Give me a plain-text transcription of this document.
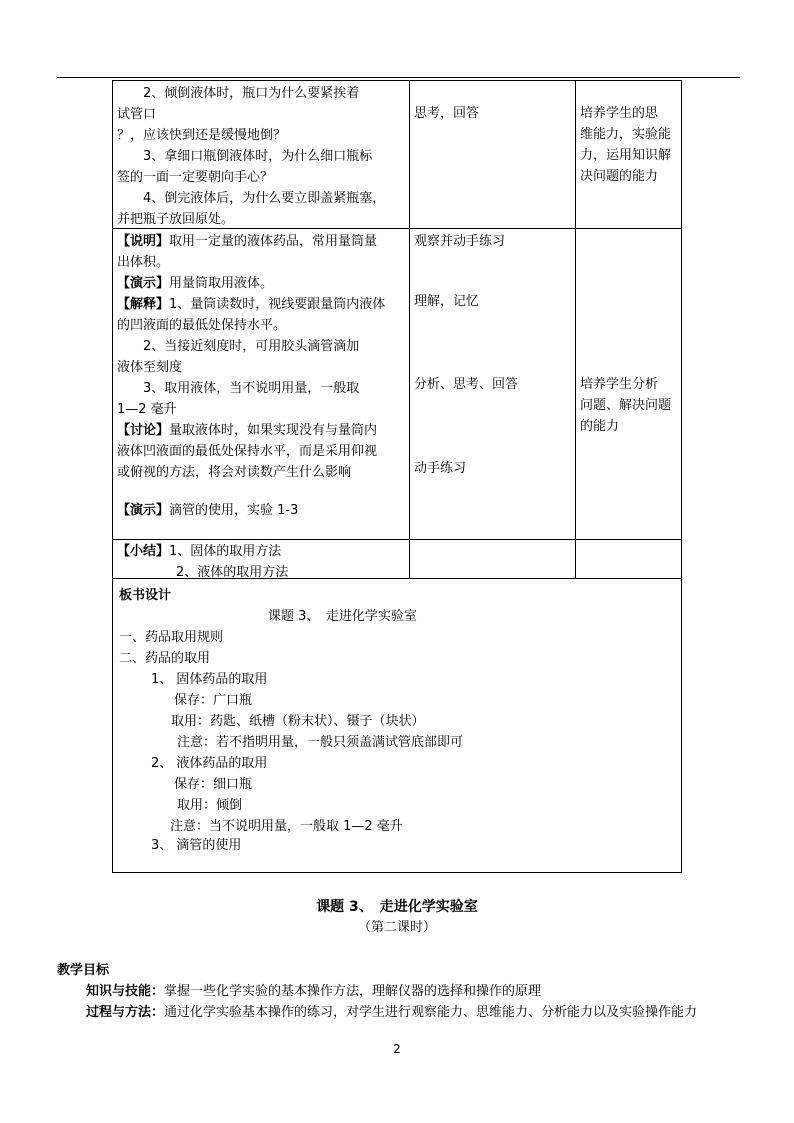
　　2、倾倒液体时，瓶口为什么要紧挨着
试管口
？，应该快到还是缓慢地倒？
　　3、拿细口瓶倒液体时，为什么细口瓶标
签的一面一定要朝向手心？
　　4、倒完液体后，为什么要立即盖紧瓶塞，
并把瓶子放回原处。
思考，回答	培养学生的思
维能力，实验能
力，运用知识解
决问题的能力
【说明】取用一定量的液体药品，常用量筒量
出体积。
【演示】用量筒取用液体。
【解释】1、量筒读数时，视线要跟量筒内液体
的凹液面的最低处保持水平。
　　2、当接近刻度时，可用胶头滴管滴加
液体至刻度
　　3、取用液体，当不说明用量，一般取
1—2 毫升
【讨论】量取液体时，如果实现没有与量筒内
液体凹液面的最低处保持水平，而是采用仰视
或俯视的方法，将会对读数产生什么影响
【演示】滴管的使用，实验 1-3
观察并动手练习
理解，记忆
分析、思考、回答
动手练习
培养学生分析
问题、解决问题
的能力
【小结】1、固体的取用方法
2、液体的取用方法
板书设计
课题 3、　走进化学实验室
一、药品取用规则
二、药品的取用
1、 固体药品的取用
保存：广口瓶
取用：药匙、纸槽（粉末状）、镊子（块状）
注意：若不指明用量，一般只须盖满试管底部即可
2、 液体药品的取用
保存：细口瓶
取用：倾倒
注意：当不说明用量，一般取 1—2 毫升
3、 滴管的使用
课题 3、　走进化学实验室
（第二课时）
教学目标
知识与技能：掌握一些化学实验的基本操作方法，理解仪器的选择和操作的原理
过程与方法：通过化学实验基本操作的练习，对学生进行观察能力、思维能力、分析能力以及实验操作能力
2
